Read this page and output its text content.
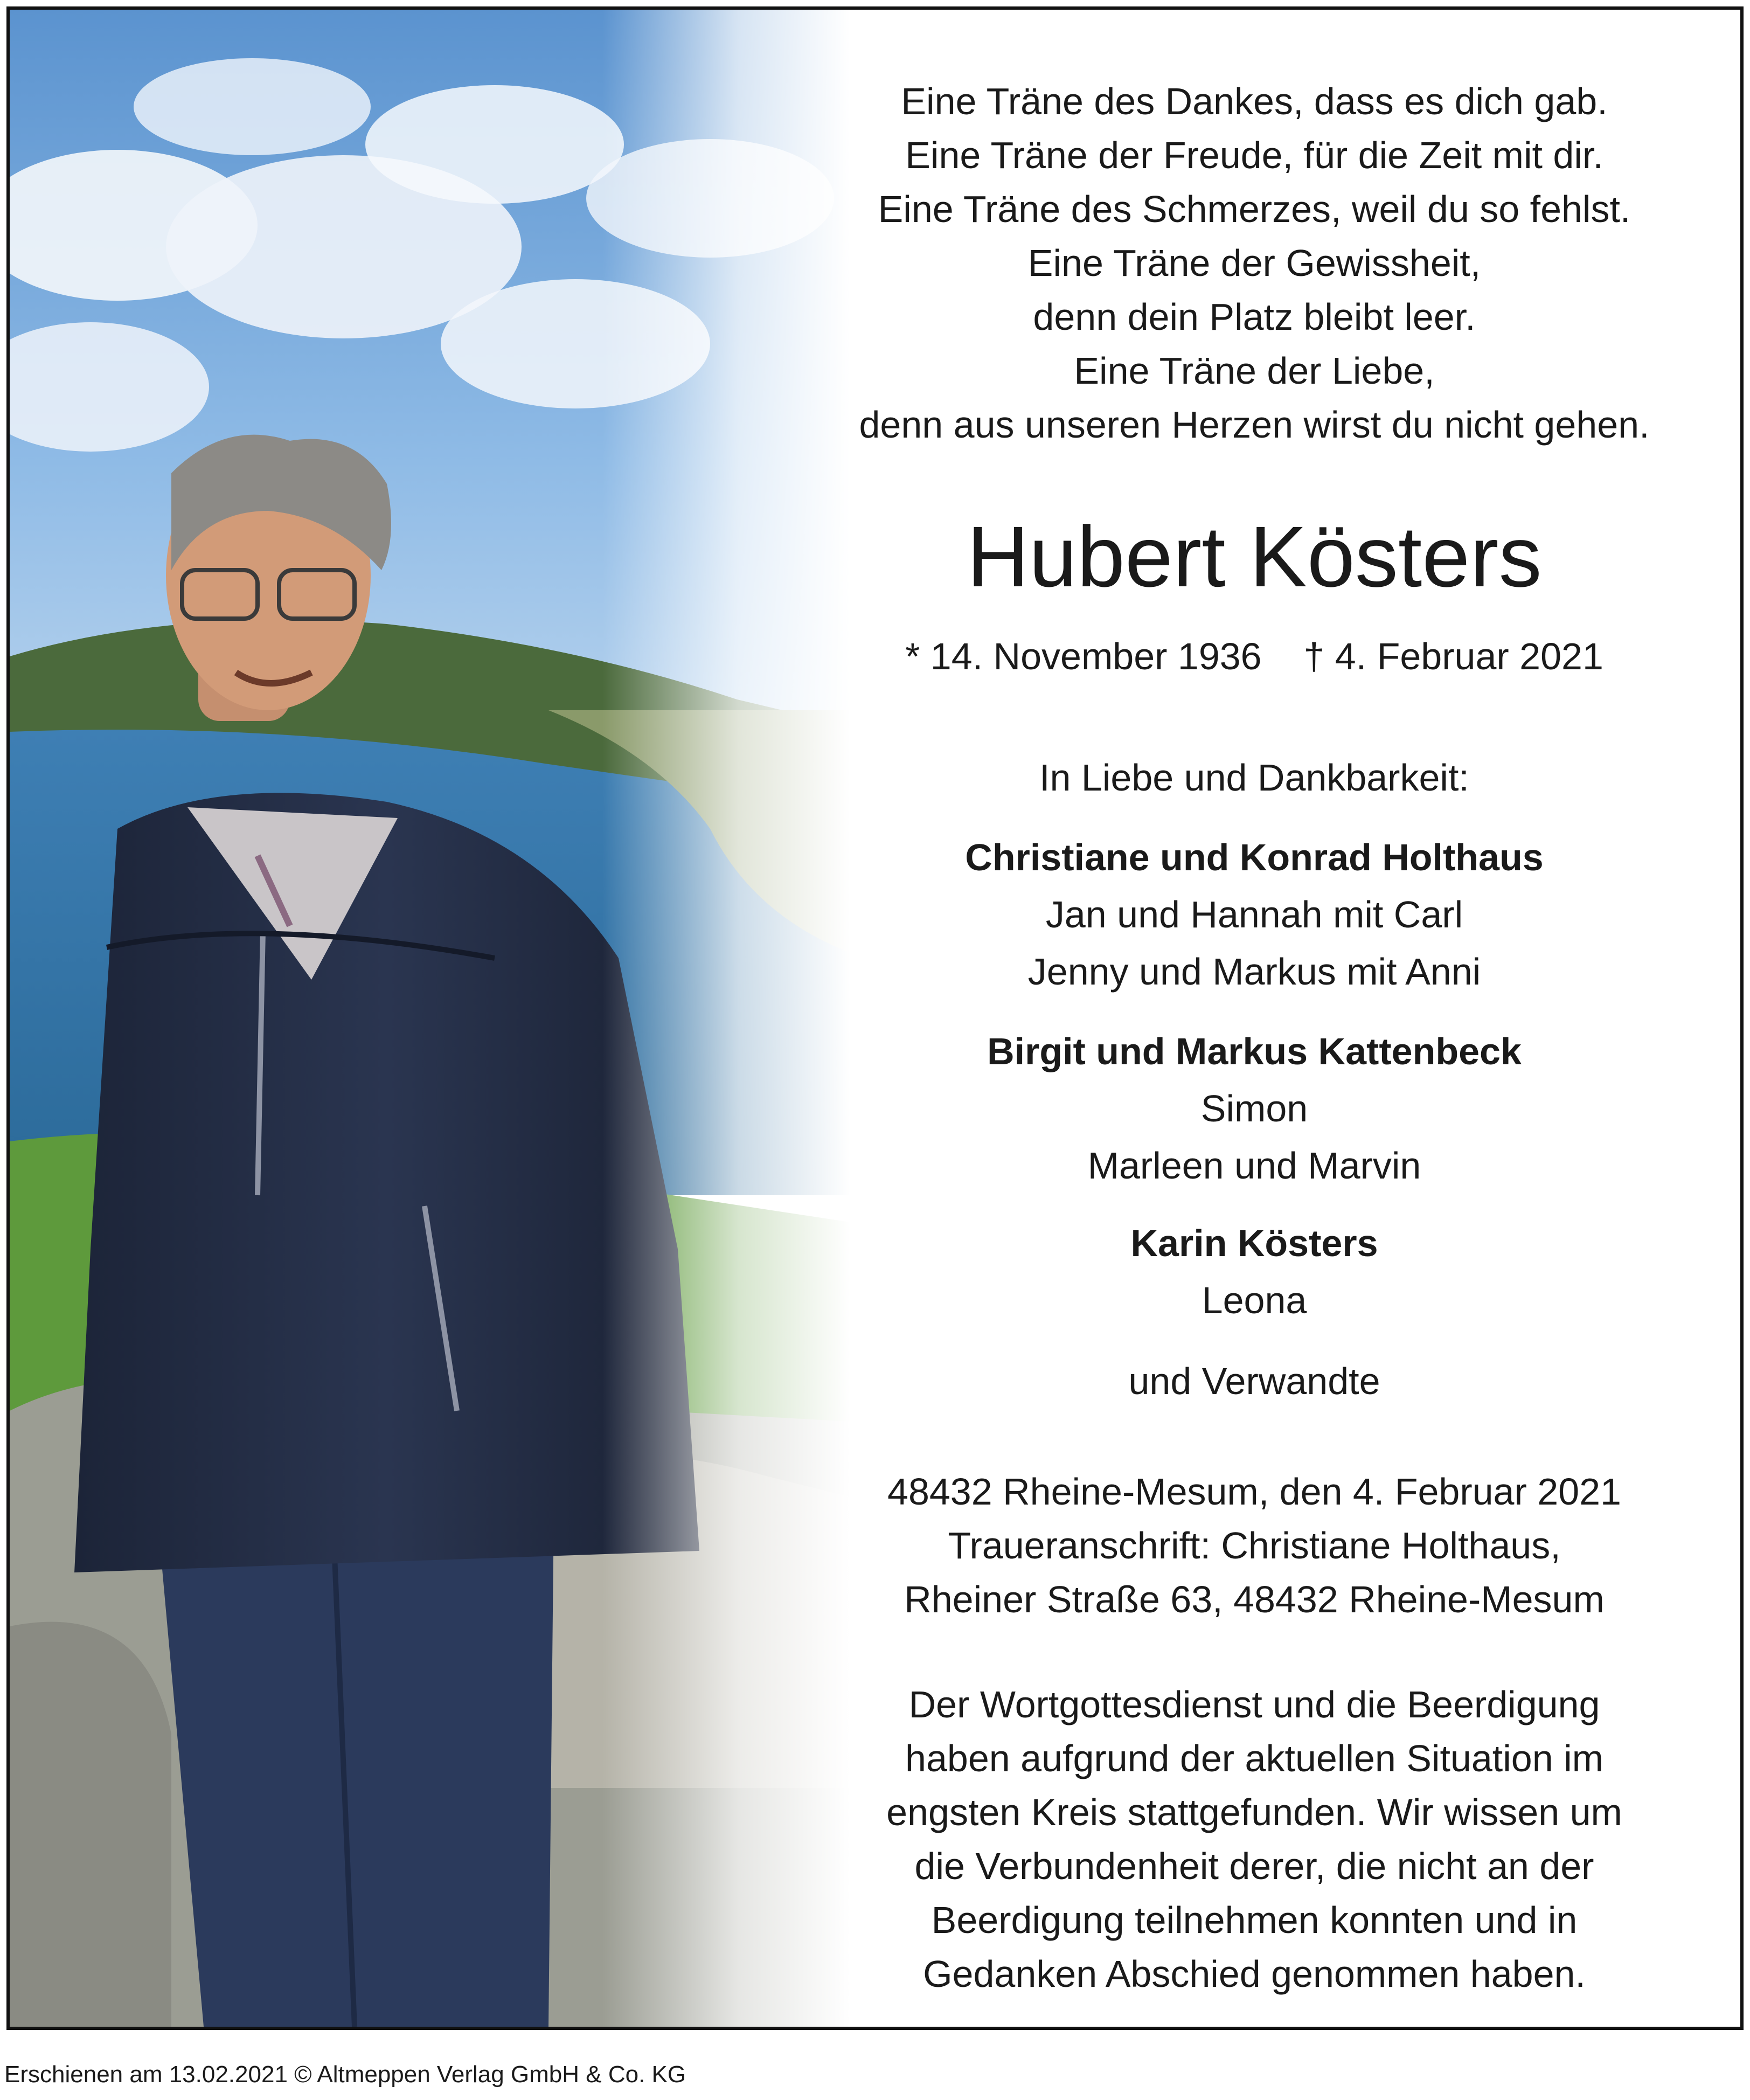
Eine Träne des Dankes, dass es dich gab.
Eine Träne der Freude, für die Zeit mit dir.
Eine Träne des Schmerzes, weil du so fehlst.
Eine Träne der Gewissheit,
denn dein Platz bleibt leer.
Eine Träne der Liebe,
denn aus unseren Herzen wirst du nicht gehen.
Hubert Kösters
* 14. November 1936 † 4. Februar 2021
In Liebe und Dankbarkeit:
Christiane und Konrad Holthaus
Jan und Hannah mit Carl
Jenny und Markus mit Anni
Birgit und Markus Kattenbeck
Simon
Marleen und Marvin
Karin Kösters
Leona
und Verwandte
48432 Rheine-Mesum, den 4. Februar 2021
Traueranschrift: Christiane Holthaus,
Rheiner Straße 63, 48432 Rheine-Mesum
Der Wortgottesdienst und die Beerdigung
haben aufgrund der aktuellen Situation im
engsten Kreis stattgefunden. Wir wissen um
die Verbundenheit derer, die nicht an der
Beerdigung teilnehmen konnten und in
Gedanken Abschied genommen haben.
Erschienen am 13.02.2021 © Altmeppen Verlag GmbH & Co. KG
